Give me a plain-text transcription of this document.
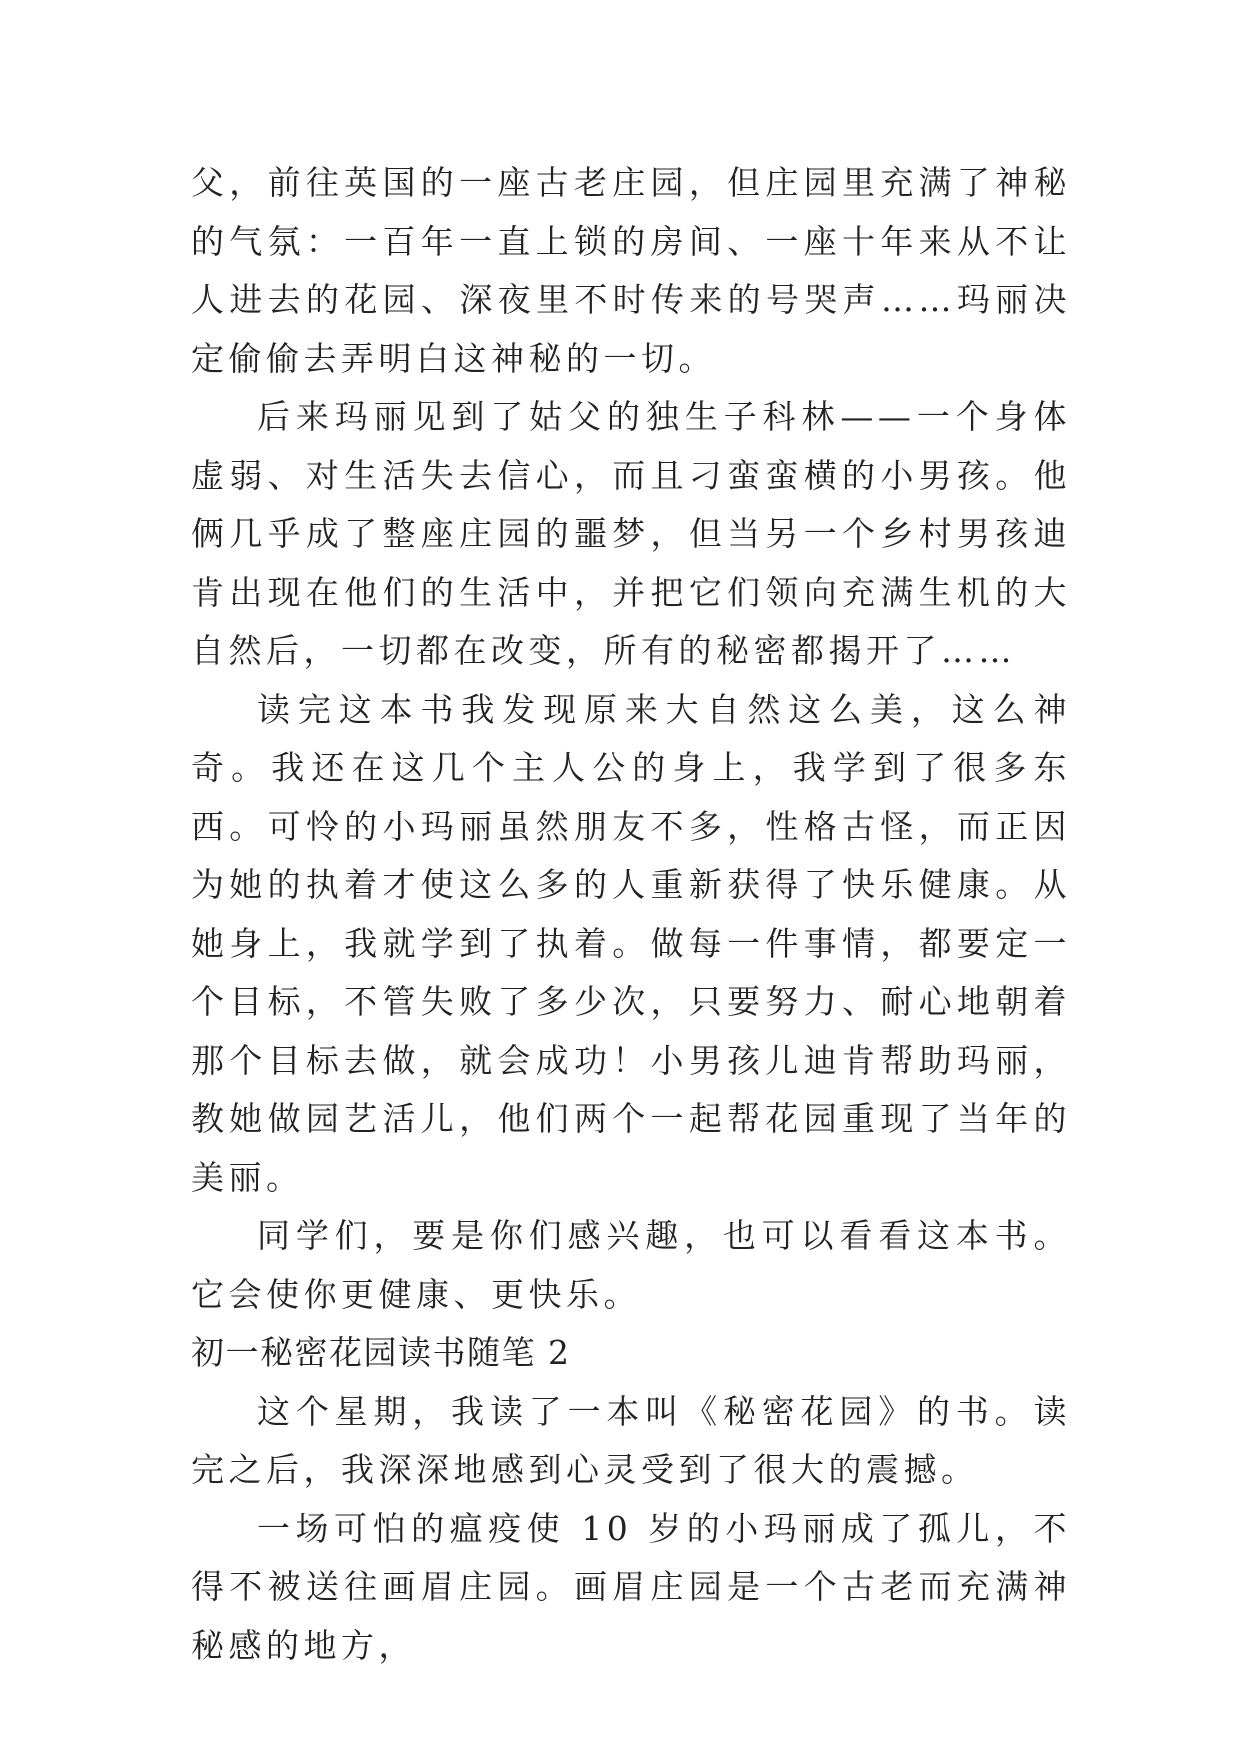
父，前往英国的一座古老庄园，但庄园里充满了神秘的气氛：一百年一直上锁的房间、一座十年来从不让人进去的花园、深夜里不时传来的号哭声……玛丽决定偷偷去弄明白这神秘的一切。

后来玛丽见到了姑父的独生子科林——一个身体虚弱、对生活失去信心，而且刁蛮蛮横的小男孩。他俩几乎成了整座庄园的噩梦，但当另一个乡村男孩迪肯出现在他们的生活中，并把它们领向充满生机的大自然后，一切都在改变，所有的秘密都揭开了……

读完这本书我发现原来大自然这么美，这么神奇。我还在这几个主人公的身上，我学到了很多东西。可怜的小玛丽虽然朋友不多，性格古怪，而正因为她的执着才使这么多的人重新获得了快乐健康。从她身上，我就学到了执着。做每一件事情，都要定一个目标，不管失败了多少次，只要努力、耐心地朝着那个目标去做，就会成功！小男孩儿迪肯帮助玛丽，教她做园艺活儿，他们两个一起帮花园重现了当年的美丽。

同学们，要是你们感兴趣，也可以看看这本书。它会使你更健康、更快乐。

初一秘密花园读书随笔 2

这个星期，我读了一本叫《秘密花园》的书。读完之后，我深深地感到心灵受到了很大的震撼。

一场可怕的瘟疫使 10 岁的小玛丽成了孤儿，不得不被送往画眉庄园。画眉庄园是一个古老而充满神秘感的地方，
